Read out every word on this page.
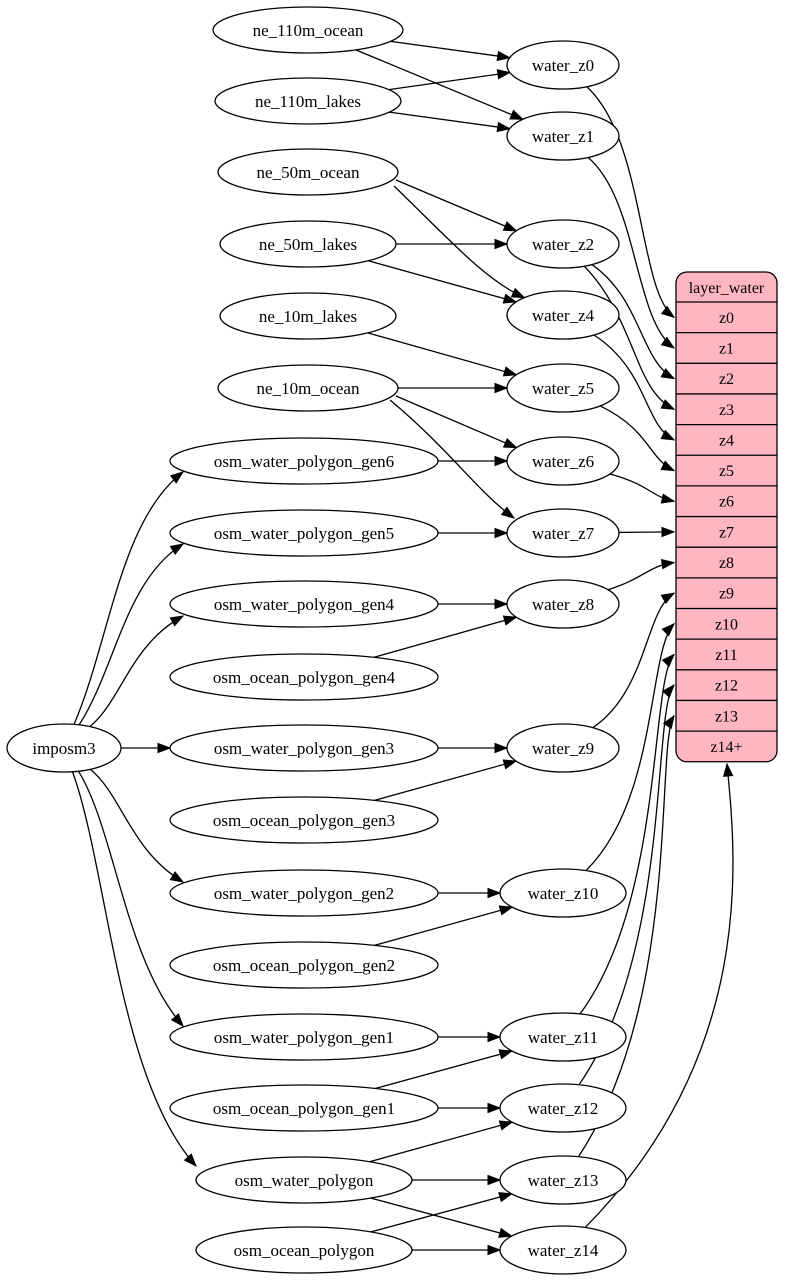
ne_110m_ocean
ne_110m_lakes
ne_50m_ocean
ne_50m_lakes
ne_10m_lakes
ne_10m_ocean
osm_water_polygon_gen6
osm_water_polygon_gen5
osm_water_polygon_gen4
osm_ocean_polygon_gen4
osm_water_polygon_gen3
osm_ocean_polygon_gen3
osm_water_polygon_gen2
osm_ocean_polygon_gen2
osm_water_polygon_gen1
osm_ocean_polygon_gen1
osm_water_polygon
osm_ocean_polygon
imposm3
water_z0
water_z1
water_z2
water_z4
water_z5
water_z6
water_z7
water_z8
water_z9
water_z10
water_z11
water_z12
water_z13
water_z14
layer_water
z0
z1
z2
z3
z4
z5
z6
z7
z8
z9
z10
z11
z12
z13
z14+
